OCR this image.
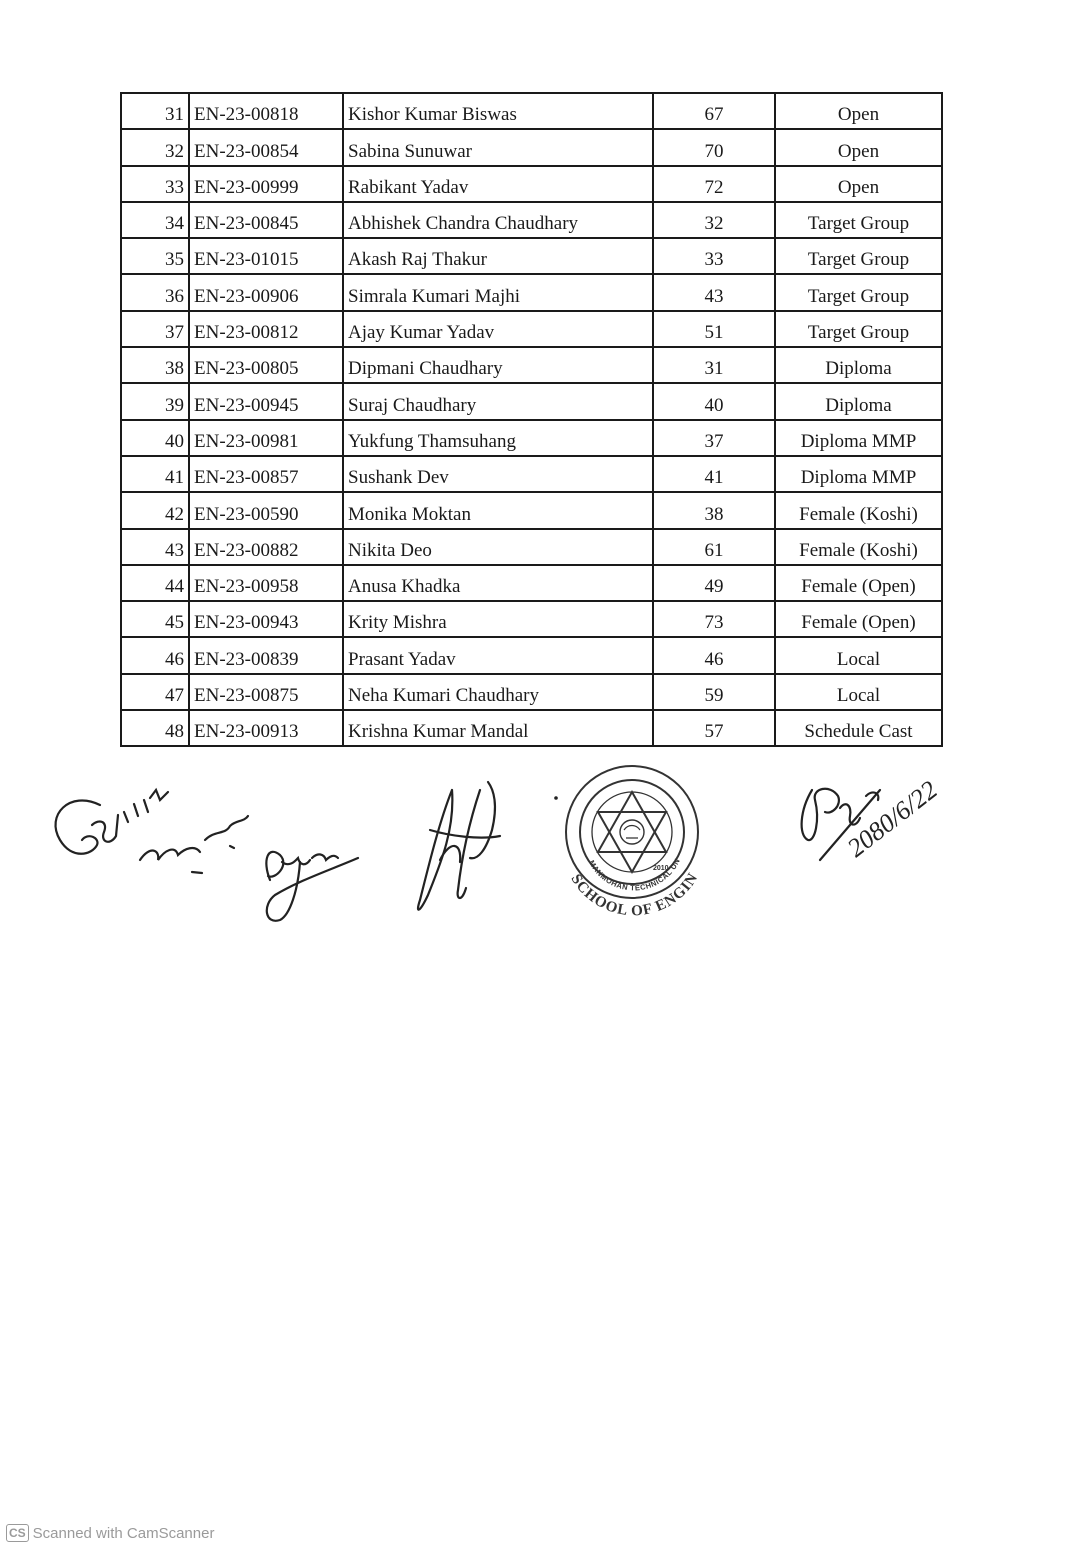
31	EN-23-00818	Kishor Kumar Biswas	67	Open
32	EN-23-00854	Sabina Sunuwar	70	Open
33	EN-23-00999	Rabikant Yadav	72	Open
34	EN-23-00845	Abhishek Chandra Chaudhary	32	Target Group
35	EN-23-01015	Akash Raj Thakur	33	Target Group
36	EN-23-00906	Simrala Kumari Majhi	43	Target Group
37	EN-23-00812	Ajay Kumar Yadav	51	Target Group
38	EN-23-00805	Dipmani Chaudhary	31	Diploma
39	EN-23-00945	Suraj Chaudhary	40	Diploma
40	EN-23-00981	Yukfung Thamsuhang	37	Diploma MMP
41	EN-23-00857	Sushank Dev	41	Diploma MMP
42	EN-23-00590	Monika Moktan	38	Female (Koshi)
43	EN-23-00882	Nikita Deo	61	Female (Koshi)
44	EN-23-00958	Anusa Khadka	49	Female (Open)
45	EN-23-00943	Krity Mishra	73	Female (Open)
46	EN-23-00839	Prasant Yadav	46	Local
47	EN-23-00875	Neha Kumari Chaudhary	59	Local
48	EN-23-00913	Krishna Kumar Mandal	57	Schedule Cast
SCHOOL OF ENGIN
MANMOHAN TECHNICAL UN
2010
2080/6/22
CS Scanned with CamScanner
